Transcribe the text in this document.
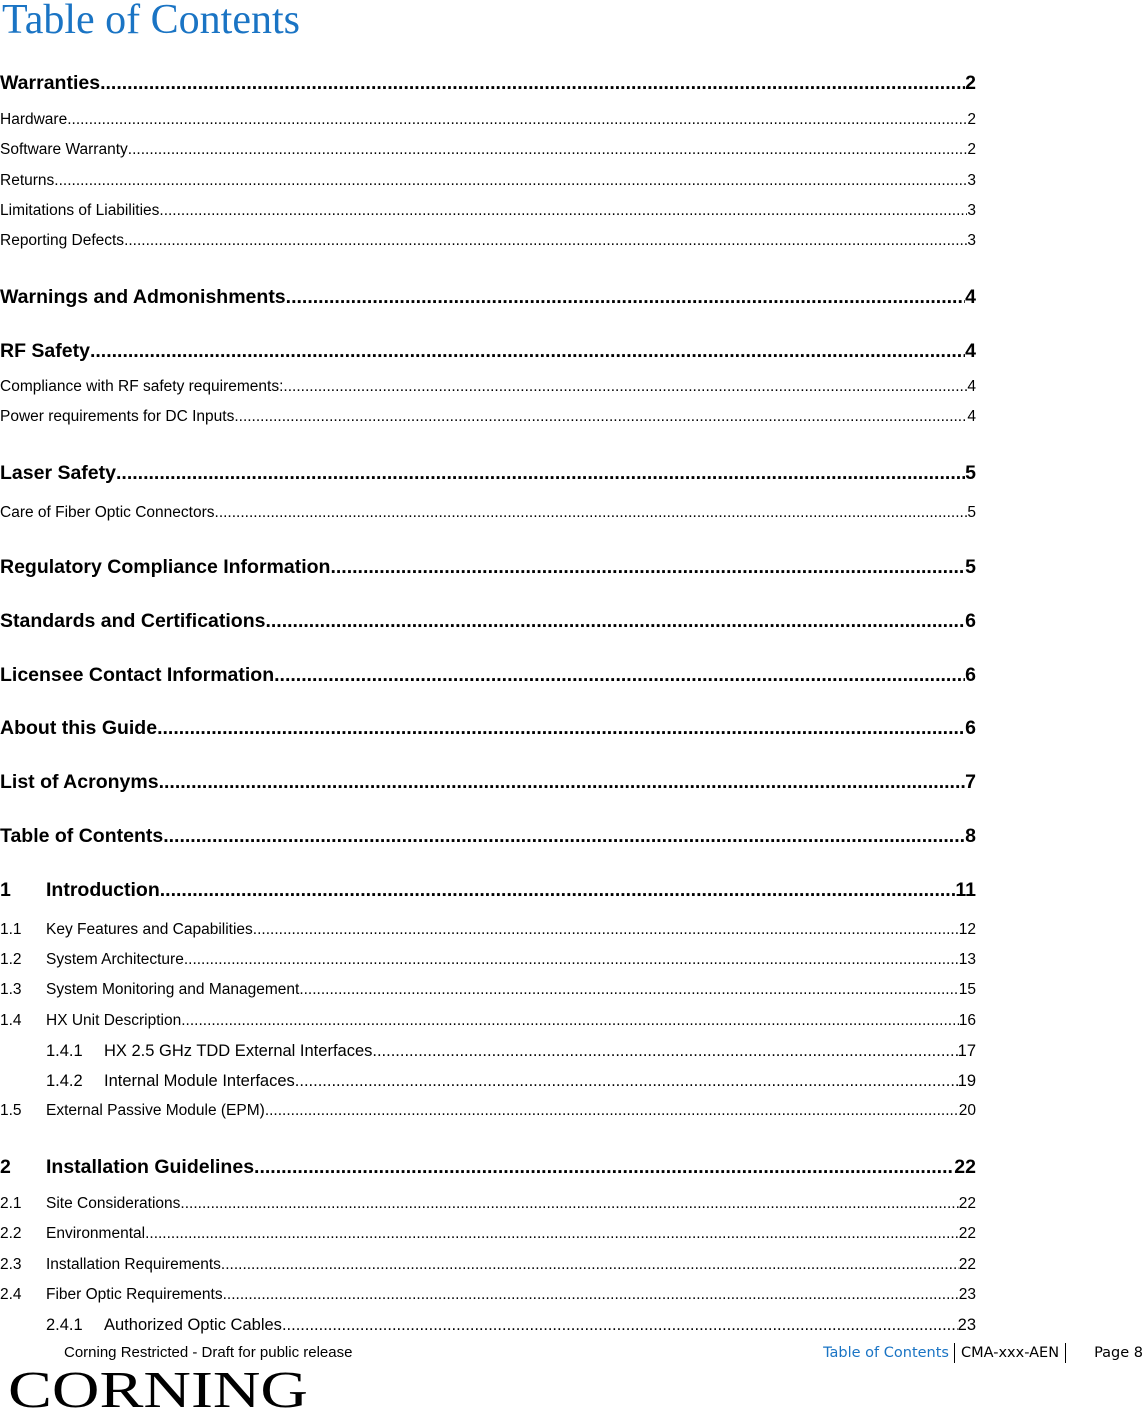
Table of Contents
Warranties .....	2
Hardware .....	2
Software Warranty .....	2
Returns .....	3
Limitations of Liabilities .....	3
Reporting Defects .....	3
Warnings and Admonishments .....	4
RF Safety .....	4
Compliance with RF safety requirements: .....	4
Power requirements for DC Inputs .....	4
Laser Safety .....	5
Care of Fiber Optic Connectors .....	5
Regulatory Compliance Information .....	5
Standards and Certifications .....	6
Licensee Contact Information .....	6
About this Guide .....	6
List of Acronyms .....	7
Table of Contents .....	8
1	Introduction .....	11
1.1	Key Features and Capabilities .....	12
1.2	System Architecture .....	13
1.3	System Monitoring and Management .....	15
1.4	HX Unit Description .....	16
1.4.1	HX 2.5 GHz TDD External Interfaces .....	17
1.4.2	Internal Module Interfaces .....	19
1.5	External Passive Module (EPM) .....	20
2	Installation Guidelines .....	22
2.1	Site Considerations .....	22
2.2	Environmental .....	22
2.3	Installation Requirements .....	22
2.4	Fiber Optic Requirements .....	23
2.4.1	Authorized Optic Cables .....	23
Corning Restricted - Draft for public release	Table of Contents CMA-xxx-AEN	Page 8
CORNING
